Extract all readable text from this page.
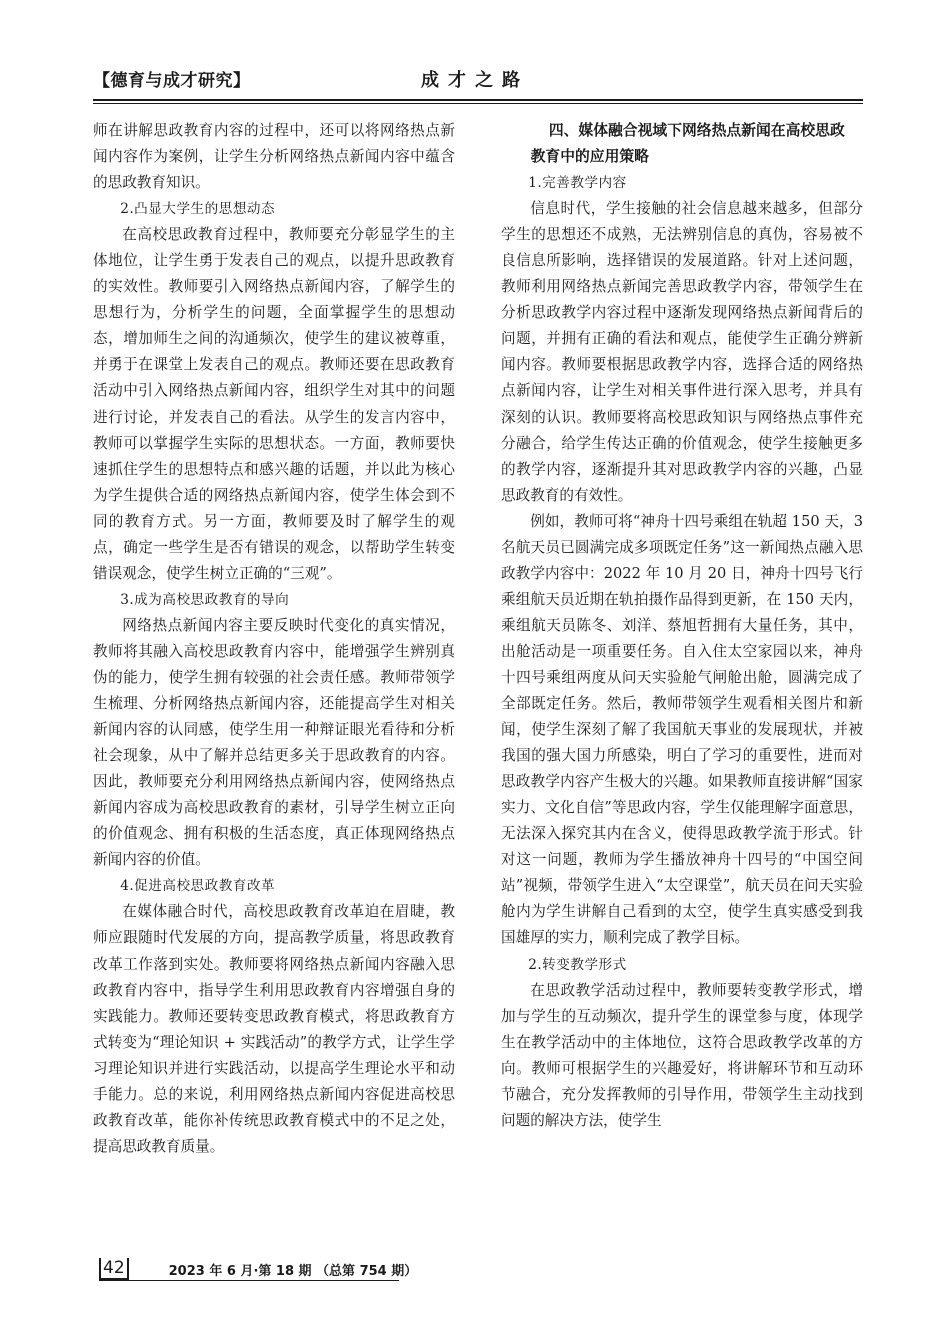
【德育与成才研究】	成才之路

师在讲解思政教育内容的过程中，还可以将网络热点新闻内容作为案例，让学生分析网络热点新闻内容中蕴含的思政教育知识。

2.凸显大学生的思想动态

在高校思政教育过程中，教师要充分彰显学生的主体地位，让学生勇于发表自己的观点，以提升思政教育的实效性。教师要引入网络热点新闻内容，了解学生的思想行为，分析学生的问题，全面掌握学生的思想动态，增加师生之间的沟通频次，使学生的建议被尊重，并勇于在课堂上发表自己的观点。教师还要在思政教育活动中引入网络热点新闻内容，组织学生对其中的问题进行讨论，并发表自己的看法。从学生的发言内容中，教师可以掌握学生实际的思想状态。一方面，教师要快速抓住学生的思想特点和感兴趣的话题，并以此为核心为学生提供合适的网络热点新闻内容，使学生体会到不同的教育方式。另一方面，教师要及时了解学生的观点，确定一些学生是否有错误的观念，以帮助学生转变错误观念，使学生树立正确的“三观”。

3.成为高校思政教育的导向

网络热点新闻内容主要反映时代变化的真实情况，教师将其融入高校思政教育内容中，能增强学生辨别真伪的能力，使学生拥有较强的社会责任感。教师带领学生梳理、分析网络热点新闻内容，还能提高学生对相关新闻内容的认同感，使学生用一种辩证眼光看待和分析社会现象，从中了解并总结更多关于思政教育的内容。因此，教师要充分利用网络热点新闻内容，使网络热点新闻内容成为高校思政教育的素材，引导学生树立正向的价值观念、拥有积极的生活态度，真正体现网络热点新闻内容的价值。

4.促进高校思政教育改革

在媒体融合时代，高校思政教育改革迫在眉睫，教师应跟随时代发展的方向，提高教学质量，将思政教育改革工作落到实处。教师要将网络热点新闻内容融入思政教育内容中，指导学生利用思政教育内容增强自身的实践能力。教师还要转变思政教育模式，将思政教育方式转变为“理论知识 + 实践活动”的教学方式，让学生学习理论知识并进行实践活动，以提高学生理论水平和动手能力。总的来说，利用网络热点新闻内容促进高校思政教育改革，能你补传统思政教育模式中的不足之处，提高思政教育质量。

四、媒体融合视域下网络热点新闻在高校思政

教育中的应用策略

1.完善教学内容

信息时代，学生接触的社会信息越来越多，但部分学生的思想还不成熟，无法辨别信息的真伪，容易被不良信息所影响，选择错误的发展道路。针对上述问题，教师利用网络热点新闻完善思政教学内容，带领学生在分析思政教学内容过程中逐渐发现网络热点新闻背后的问题，并拥有正确的看法和观点，能使学生正确分辨新闻内容。教师要根据思政教学内容，选择合适的网络热点新闻内容，让学生对相关事件进行深入思考，并具有深刻的认识。教师要将高校思政知识与网络热点事件充分融合，给学生传达正确的价值观念，使学生接触更多的教学内容，逐渐提升其对思政教学内容的兴趣，凸显思政教育的有效性。

例如，教师可将“神舟十四号乘组在轨超 150 天，3 名航天员已圆满完成多项既定任务”这一新闻热点融入思政教学内容中：2022 年 10 月 20 日，神舟十四号飞行乘组航天员近期在轨拍摄作品得到更新，在 150 天内，乘组航天员陈冬、刘洋、蔡旭哲拥有大量任务，其中，出舱活动是一项重要任务。自入住太空家园以来，神舟十四号乘组两度从问天实验舱气闸舱出舱，圆满完成了全部既定任务。然后，教师带领学生观看相关图片和新闻，使学生深刻了解了我国航天事业的发展现状，并被我国的强大国力所感染，明白了学习的重要性，进而对思政教学内容产生极大的兴趣。如果教师直接讲解“国家实力、文化自信”等思政内容，学生仅能理解字面意思，无法深入探究其内在含义，使得思政教学流于形式。针对这一问题，教师为学生播放神舟十四号的“中国空间站”视频，带领学生进入“太空课堂”，航天员在问天实验舱内为学生讲解自己看到的太空，使学生真实感受到我国雄厚的实力，顺利完成了教学目标。

2.转变教学形式

在思政教学活动过程中，教师要转变教学形式，增加与学生的互动频次，提升学生的课堂参与度，体现学生在教学活动中的主体地位，这符合思政教学改革的方向。教师可根据学生的兴趣爱好，将讲解环节和互动环节融合，充分发挥教师的引导作用，带领学生主动找到问题的解决方法，使学生

42	2023 年 6 月·第 18 期 （总第 754 期）
